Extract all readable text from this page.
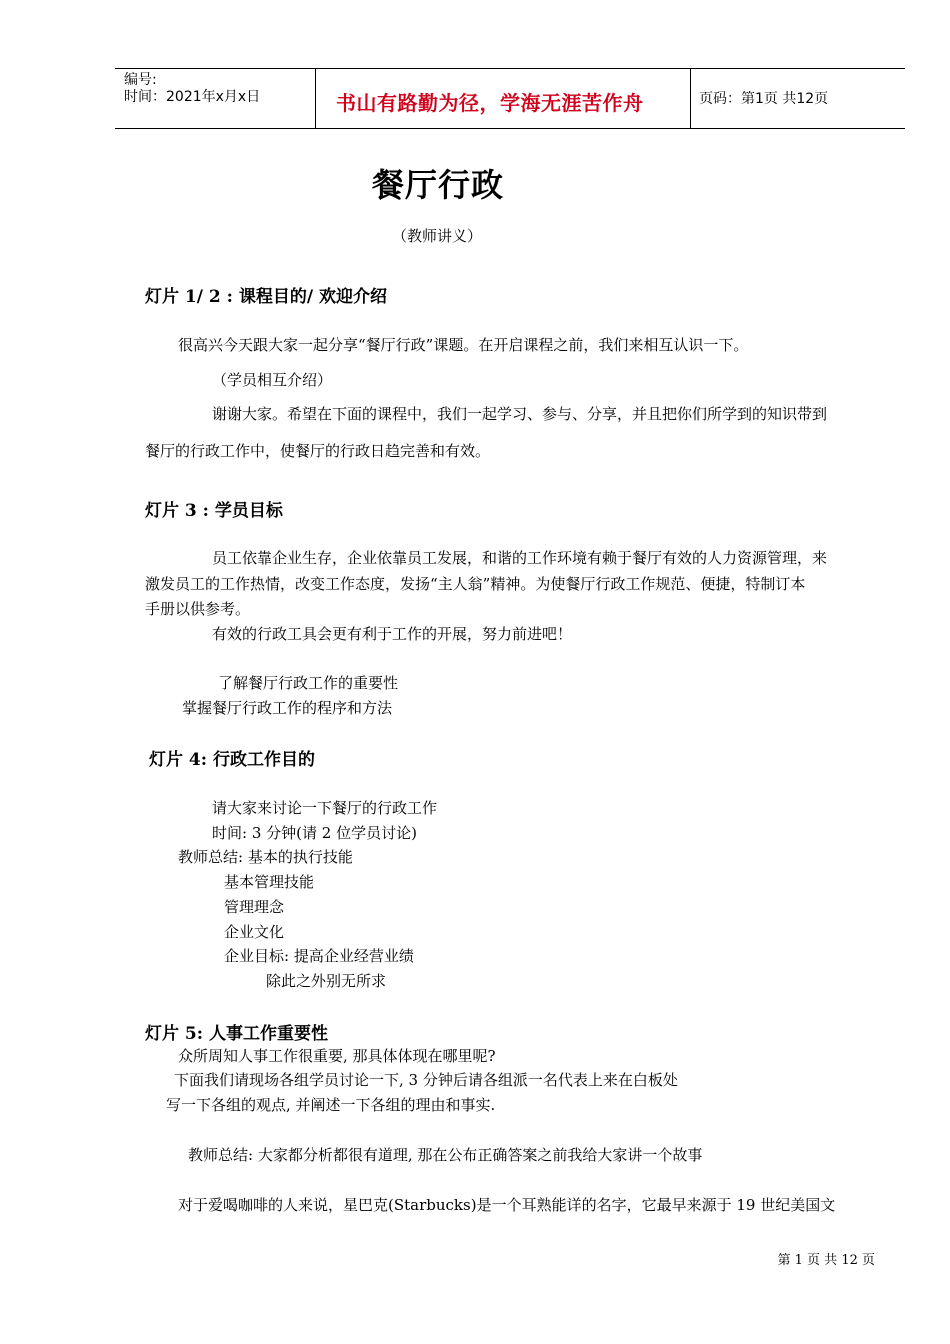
编号:
时间：2021年x月x日	书山有路勤为径，学海无涯苦作舟	页码：第1页 共12页
餐厅行政
（教师讲义）
灯片 1/ 2 : 课程目的/ 欢迎介绍
很高兴今天跟大家一起分享“餐厅行政”课题。在开启课程之前，我们来相互认识一下。
（学员相互介绍）
谢谢大家。希望在下面的课程中，我们一起学习、参与、分享，并且把你们所学到的知识带到
餐厅的行政工作中，使餐厅的行政日趋完善和有效。
灯片 3 : 学员目标
员工依靠企业生存，企业依靠员工发展，和谐的工作环境有赖于餐厅有效的人力资源管理，来
激发员工的工作热情，改变工作态度，发扬“主人翁”精神。为使餐厅行政工作规范、便捷，特制订本
手册以供参考。
有效的行政工具会更有利于工作的开展，努力前进吧！
了解餐厅行政工作的重要性
掌握餐厅行政工作的程序和方法
灯片 4: 行政工作目的
请大家来讨论一下餐厅的行政工作
时间: 3 分钟(请 2 位学员讨论)
教师总结: 基本的执行技能
基本管理技能
管理理念
企业文化
企业目标: 提高企业经营业绩
除此之外别无所求
灯片 5: 人事工作重要性
众所周知人事工作很重要, 那具体体现在哪里呢?
下面我们请现场各组学员讨论一下, 3 分钟后请各组派一名代表上来在白板处
写一下各组的观点, 并阐述一下各组的理由和事实.
教师总结: 大家都分析都很有道理, 那在公布正确答案之前我给大家讲一个故事
对于爱喝咖啡的人来说，星巴克(Starbucks)是一个耳熟能详的名字，它最早来源于 19 世纪美国文
第 1 页 共 12 页
